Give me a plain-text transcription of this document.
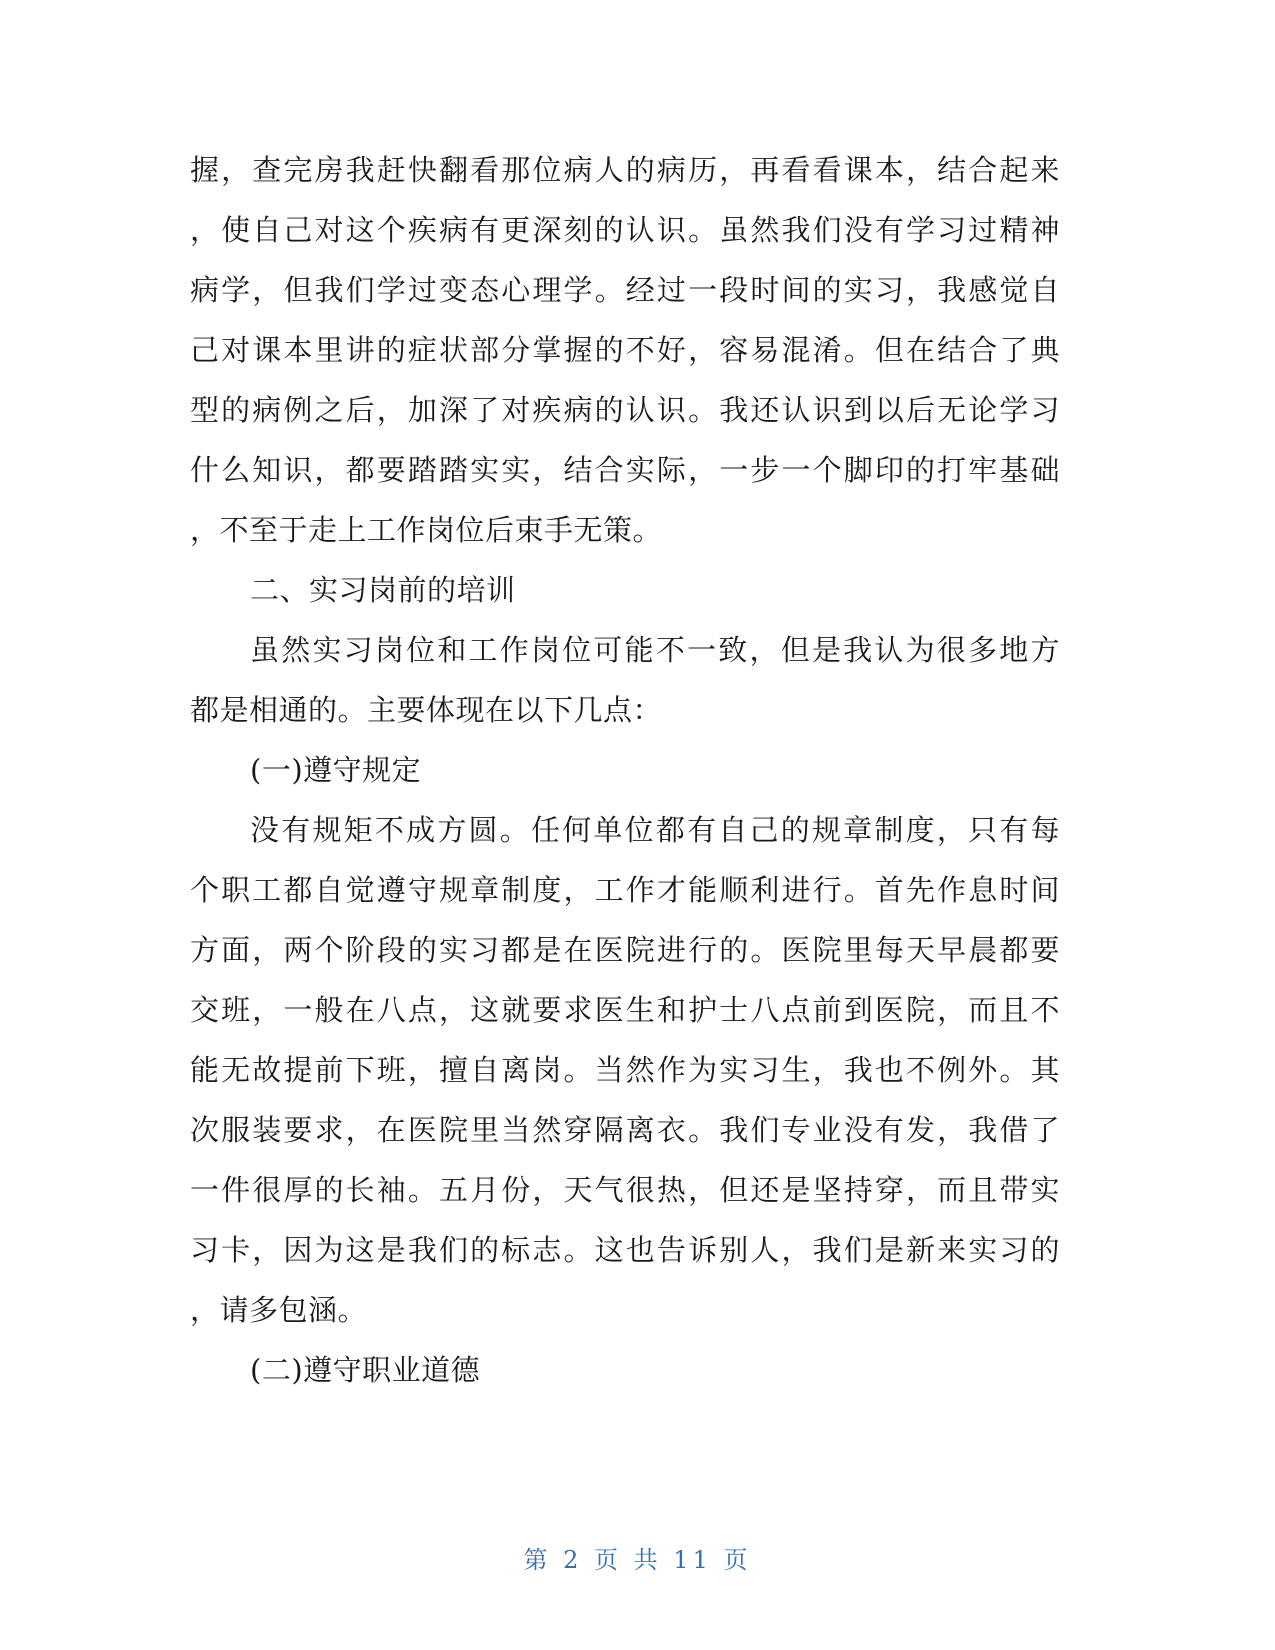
握，查完房我赶快翻看那位病人的病历，再看看课本，结合起来
，使自己对这个疾病有更深刻的认识。虽然我们没有学习过精神
病学，但我们学过变态心理学。经过一段时间的实习，我感觉自
己对课本里讲的症状部分掌握的不好，容易混淆。但在结合了典
型的病例之后，加深了对疾病的认识。我还认识到以后无论学习
什么知识，都要踏踏实实，结合实际，一步一个脚印的打牢基础
，不至于走上工作岗位后束手无策。
二、实习岗前的培训
虽然实习岗位和工作岗位可能不一致，但是我认为很多地方
都是相通的。主要体现在以下几点：
(一)遵守规定
没有规矩不成方圆。任何单位都有自己的规章制度，只有每
个职工都自觉遵守规章制度，工作才能顺利进行。首先作息时间
方面，两个阶段的实习都是在医院进行的。医院里每天早晨都要
交班，一般在八点，这就要求医生和护士八点前到医院，而且不
能无故提前下班，擅自离岗。当然作为实习生，我也不例外。其
次服装要求，在医院里当然穿隔离衣。我们专业没有发，我借了
一件很厚的长袖。五月份，天气很热，但还是坚持穿，而且带实
习卡，因为这是我们的标志。这也告诉别人，我们是新来实习的
，请多包涵。
(二)遵守职业道德
第 2 页 共 11 页
